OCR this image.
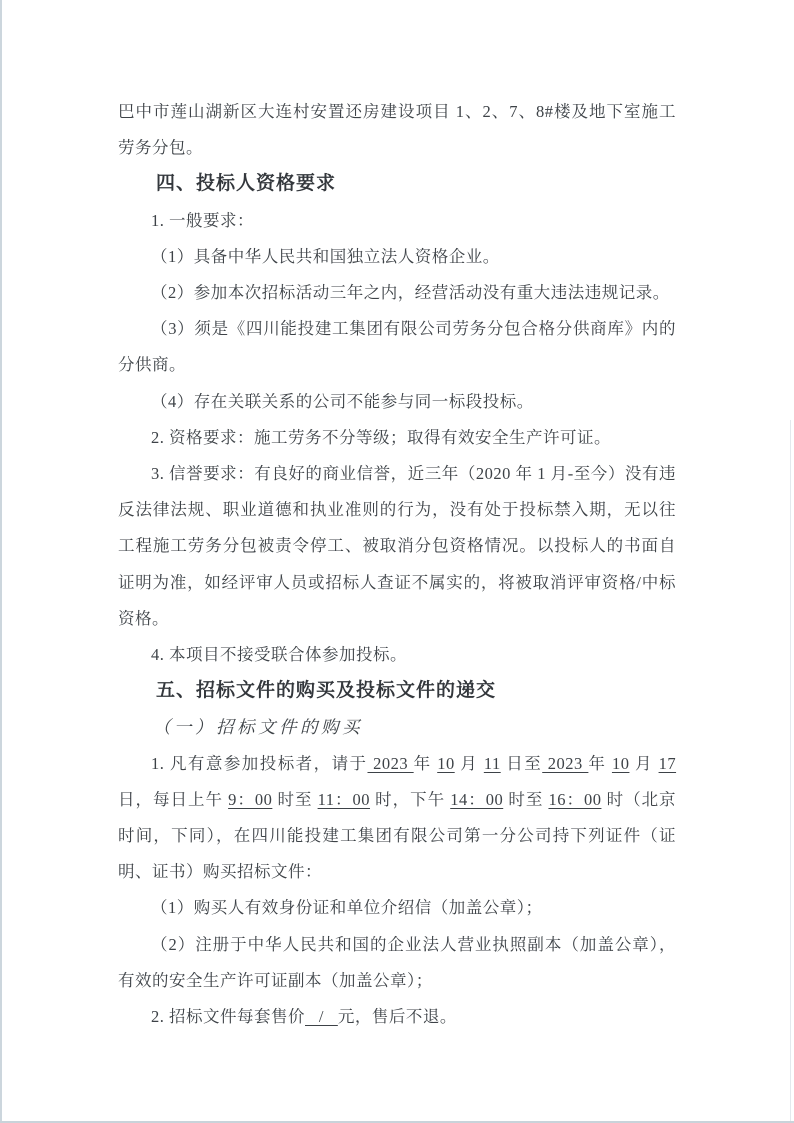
巴中市莲山湖新区大连村安置还房建设项目 1、2、7、8#楼及地下室施工劳务分包。

四、投标人资格要求

1. 一般要求：

（1）具备中华人民共和国独立法人资格企业。

（2）参加本次招标活动三年之内，经营活动没有重大违法违规记录。

（3）须是《四川能投建工集团有限公司劳务分包合格分供商库》内的分供商。

（4）存在关联关系的公司不能参与同一标段投标。

2. 资格要求：施工劳务不分等级；取得有效安全生产许可证。

3. 信誉要求：有良好的商业信誉，近三年（2020 年 1 月-至今）没有违反法律法规、职业道德和执业准则的行为，没有处于投标禁入期，无以往工程施工劳务分包被责令停工、被取消分包资格情况。以投标人的书面自证明为准，如经评审人员或招标人查证不属实的，将被取消评审资格/中标资格。

4. 本项目不接受联合体参加投标。

五、招标文件的购买及投标文件的递交

（一）招标文件的购买

1. 凡有意参加投标者，请于 2023 年 10 月 11 日至 2023 年 10 月 17 日，每日上午 9：00 时至 11：00 时，下午 14：00 时至 16：00 时（北京时间，下同），在四川能投建工集团有限公司第一分公司持下列证件（证明、证书）购买招标文件：

（1）购买人有效身份证和单位介绍信（加盖公章）；

（2）注册于中华人民共和国的企业法人营业执照副本（加盖公章），有效的安全生产许可证副本（加盖公章）；

2. 招标文件每套售价   /   元，售后不退。
